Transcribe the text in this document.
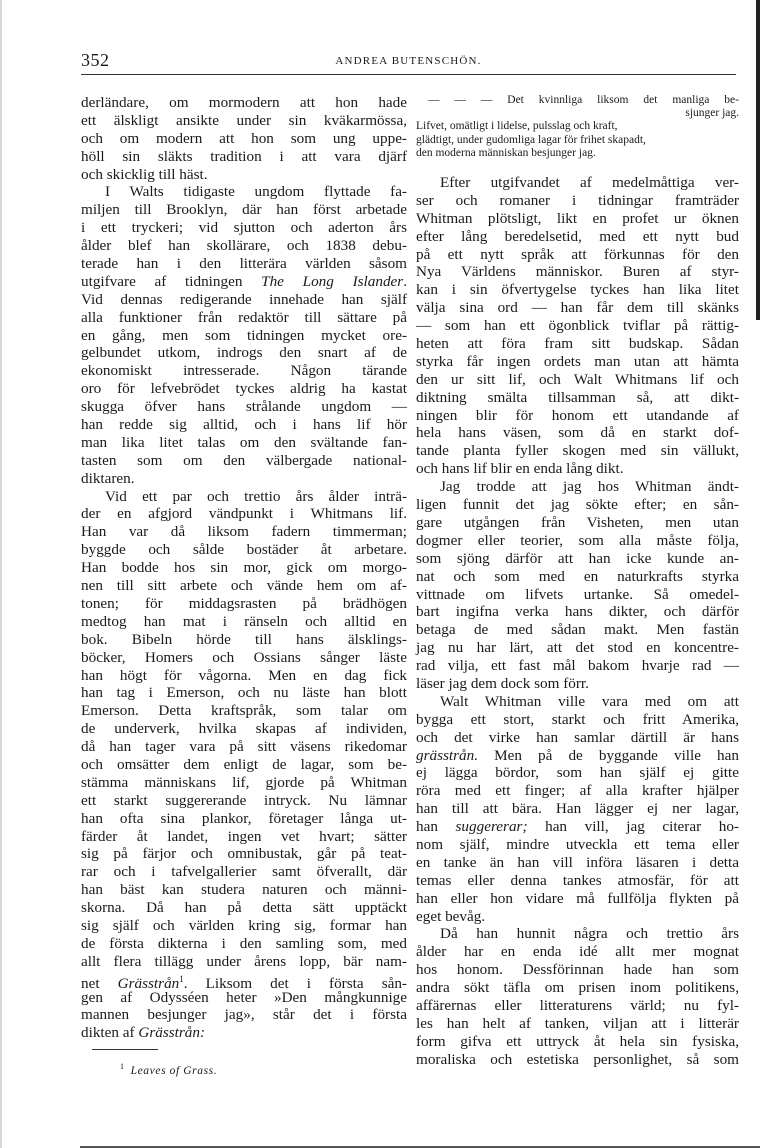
352	ANDREA BUTENSCHÖN.
derländare, om mormodern att hon hade
ett älskligt ansikte under sin kväkarmössa,
och om modern att hon som ung uppe-
höll sin släkts tradition i att vara djärf
och skicklig till häst.
I Walts tidigaste ungdom flyttade fa-
miljen till Brooklyn, där han först arbetade
i ett tryckeri; vid sjutton och aderton års
ålder blef han skollärare, och 1838 debu-
terade han i den litterära världen såsom
utgifvare af tidningen The Long Islander.
Vid dennas redigerande innehade han själf
alla funktioner från redaktör till sättare på
en gång, men som tidningen mycket ore-
gelbundet utkom, indrogs den snart af de
ekonomiskt intresserade. Någon tärande
oro för lefvebrödet tyckes aldrig ha kastat
skugga öfver hans strålande ungdom —
han redde sig alltid, och i hans lif hör
man lika litet talas om den svältande fan-
tasten som om den välbergade national-
diktaren.
Vid ett par och trettio års ålder inträ-
der en afgjord vändpunkt i Whitmans lif.
Han var då liksom fadern timmerman;
byggde och sålde bostäder åt arbetare.
Han bodde hos sin mor, gick om morgo-
nen till sitt arbete och vände hem om af-
tonen; för middagsrasten på brädhögen
medtog han mat i ränseln och alltid en
bok. Bibeln hörde till hans älsklings-
böcker, Homers och Ossians sånger läste
han högt för vågorna. Men en dag fick
han tag i Emerson, och nu läste han blott
Emerson. Detta kraftspråk, som talar om
de underverk, hvilka skapas af individen,
då han tager vara på sitt väsens rikedomar
och omsätter dem enligt de lagar, som be-
stämma människans lif, gjorde på Whitman
ett starkt suggererande intryck. Nu lämnar
han ofta sina plankor, företager långa ut-
färder åt landet, ingen vet hvart; sätter
sig på färjor och omnibustak, går på teat-
rar och i tafvelgallerier samt öfverallt, där
han bäst kan studera naturen och männi-
skorna. Då han på detta sätt upptäckt
sig själf och världen kring sig, formar han
de första dikterna i den samling som, med
allt flera tillägg under årens lopp, bär nam-
net Grässtrån$^1$. Liksom det i första sån-
gen af Odysséen heter »Den mångkunnige
mannen besjunger jag», står det i första
dikten af Grässtrån:
$^1$ Leaves of Grass.
— — — Det kvinnliga liksom det manliga be-
sjunger jag.
Lifvet, omätligt i lidelse, pulsslag och kraft,
glädtigt, under gudomliga lagar för frihet skapadt,
den moderna människan besjunger jag.
Efter utgifvandet af medelmåttiga ver-
ser och romaner i tidningar framträder
Whitman plötsligt, likt en profet ur öknen
efter lång beredelsetid, med ett nytt bud
på ett nytt språk att förkunnas för den
Nya Världens människor. Buren af styr-
kan i sin öfvertygelse tyckes han lika litet
välja sina ord — han får dem till skänks
— som han ett ögonblick tviflar på rättig-
heten att föra fram sitt budskap. Sådan
styrka får ingen ordets man utan att hämta
den ur sitt lif, och Walt Whitmans lif och
diktning smälta tillsamman så, att dikt-
ningen blir för honom ett utandande af
hela hans väsen, som då en starkt dof-
tande planta fyller skogen med sin vällukt,
och hans lif blir en enda lång dikt.
Jag trodde att jag hos Whitman ändt-
ligen funnit det jag sökte efter; en sån-
gare utgången från Visheten, men utan
dogmer eller teorier, som alla måste följa,
som sjöng därför att han icke kunde an-
nat och som med en naturkrafts styrka
vittnade om lifvets urtanke. Så omedel-
bart ingifna verka hans dikter, och därför
betaga de med sådan makt. Men fastän
jag nu har lärt, att det stod en koncentre-
rad vilja, ett fast mål bakom hvarje rad —
läser jag dem dock som förr.
Walt Whitman ville vara med om att
bygga ett stort, starkt och fritt Amerika,
och det virke han samlar därtill är hans
grässtrån. Men på de byggande ville han
ej lägga bördor, som han själf ej gitte
röra med ett finger; af alla krafter hjälper
han till att bära. Han lägger ej ner lagar,
han suggererar; han vill, jag citerar ho-
nom själf, mindre utveckla ett tema eller
en tanke än han vill införa läsaren i detta
temas eller denna tankes atmosfär, för att
han eller hon vidare må fullfölja flykten på
eget bevåg.
Då han hunnit några och trettio års
ålder har en enda idé allt mer mognat
hos honom. Dessförinnan hade han som
andra sökt täfla om prisen inom politikens,
affärernas eller litteraturens värld; nu fyl-
les han helt af tanken, viljan att i litterär
form gifva ett uttryck åt hela sin fysiska,
moraliska och estetiska personlighet, så som
